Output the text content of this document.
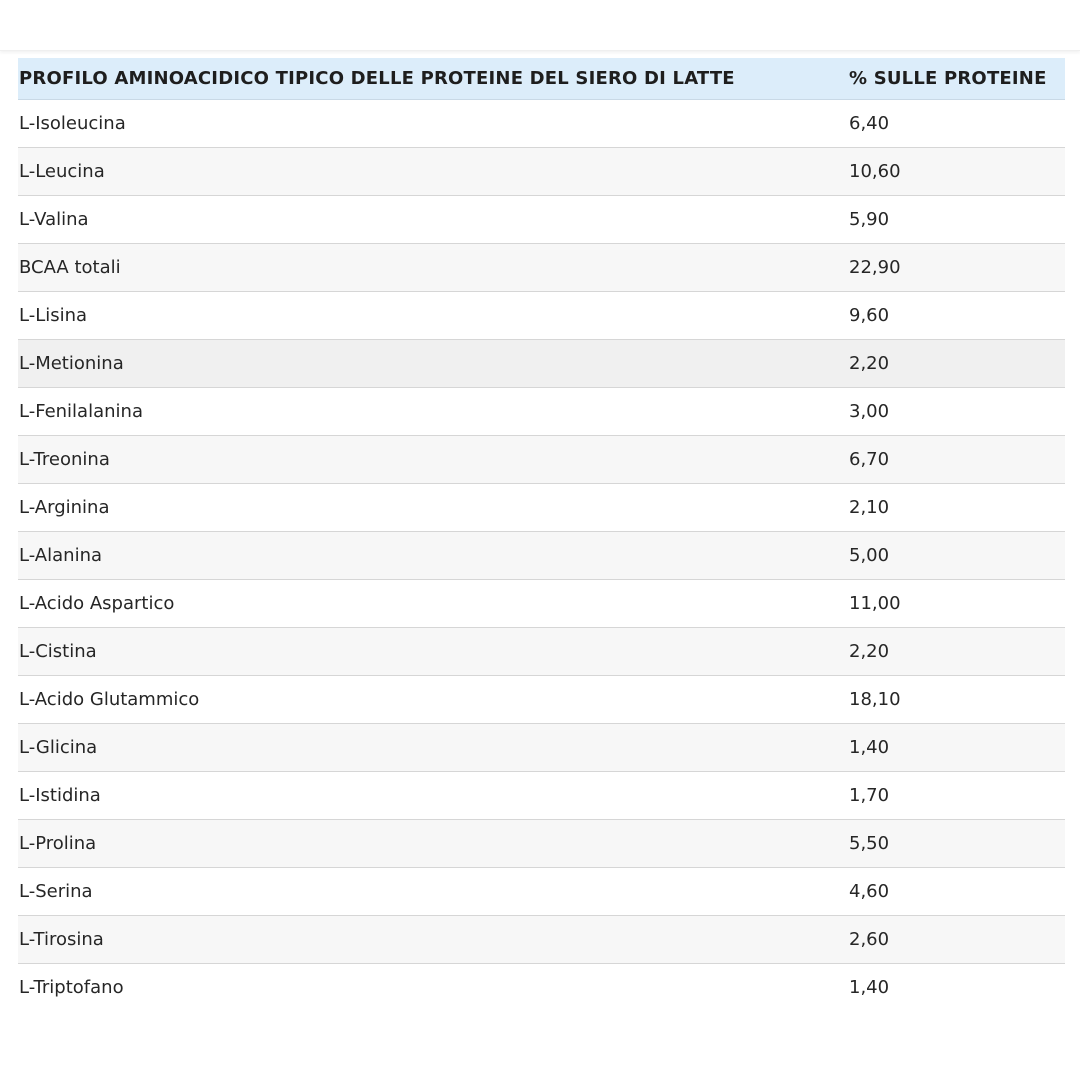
PROFILO AMINOACIDICO TIPICO DELLE PROTEINE DEL SIERO DI LATTE	% SULLE PROTEINE
L-Isoleucina	6,40
L-Leucina	10,60
L-Valina	5,90
BCAA totali	22,90
L-Lisina	9,60
L-Metionina	2,20
L-Fenilalanina	3,00
L-Treonina	6,70
L-Arginina	2,10
L-Alanina	5,00
L-Acido Aspartico	11,00
L-Cistina	2,20
L-Acido Glutammico	18,10
L-Glicina	1,40
L-Istidina	1,70
L-Prolina	5,50
L-Serina	4,60
L-Tirosina	2,60
L-Triptofano	1,40
